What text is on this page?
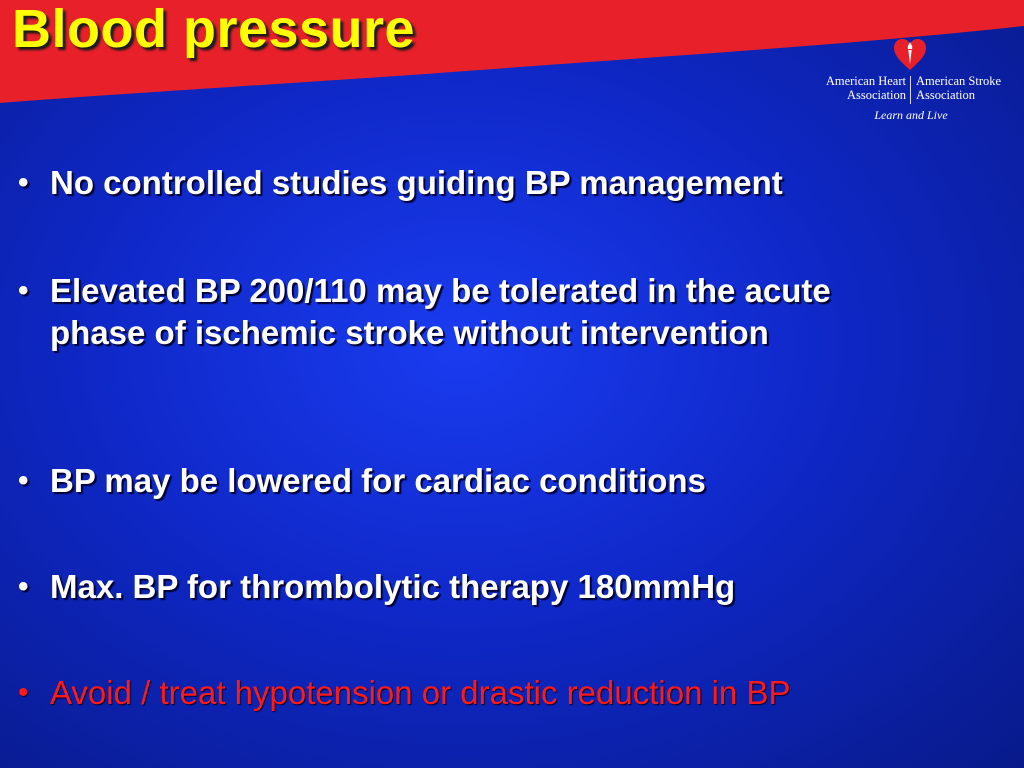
Blood pressure
American Heart
Association
American Stroke
Association
Learn and Live
• No controlled studies guiding BP management
• Elevated BP 200/110 may be tolerated in the acute phase of ischemic stroke without intervention
• BP may be lowered for cardiac conditions
• Max. BP for thrombolytic therapy 180mmHg
• Avoid / treat hypotension or drastic reduction in BP
